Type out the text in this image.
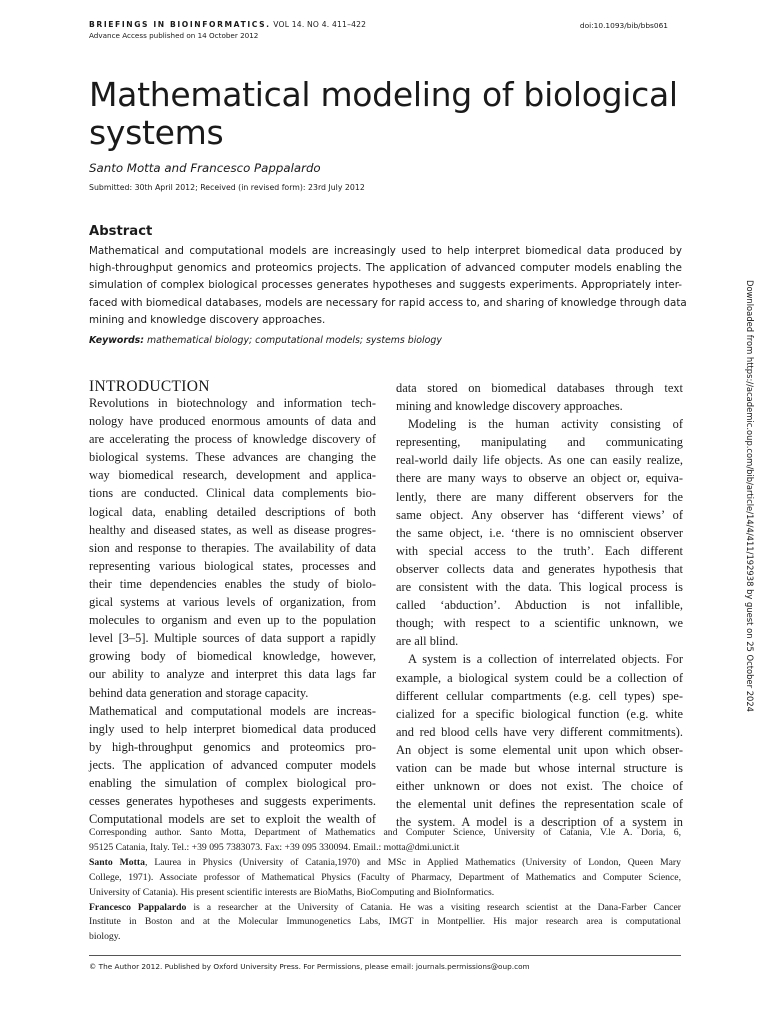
BRIEFINGS IN BIOINFORMATICS. VOL 14. NO 4. 411–422
Advance Access published on 14 October 2012
doi:10.1093/bib/bbs061
Mathematical modeling of biological systems
Santo Motta and Francesco Pappalardo
Submitted: 30th April 2012; Received (in revised form): 23rd July 2012
Abstract
Mathematical and computational models are increasingly used to help interpret biomedical data produced by
high-throughput genomics and proteomics projects. The application of advanced computer models enabling the
simulation of complex biological processes generates hypotheses and suggests experiments. Appropriately inter-
faced with biomedical databases, models are necessary for rapid access to, and sharing of knowledge through data
mining and knowledge discovery approaches.
Keywords: mathematical biology; computational models; systems biology
INTRODUCTION
Revolutions in biotechnology and information tech-
nology have produced enormous amounts of data and
are accelerating the process of knowledge discovery of
biological systems. These advances are changing the
way biomedical research, development and applica-
tions are conducted. Clinical data complements bio-
logical data, enabling detailed descriptions of both
healthy and diseased states, as well as disease progres-
sion and response to therapies. The availability of data
representing various biological states, processes and
their time dependencies enables the study of biolo-
gical systems at various levels of organization, from
molecules to organism and even up to the population
level [3–5]. Multiple sources of data support a rapidly
growing body of biomedical knowledge, however,
our ability to analyze and interpret this data lags far
behind data generation and storage capacity.
Mathematical and computational models are increas-
ingly used to help interpret biomedical data produced
by high-throughput genomics and proteomics pro-
jects. The application of advanced computer models
enabling the simulation of complex biological pro-
cesses generates hypotheses and suggests experiments.
Computational models are set to exploit the wealth of
data stored on biomedical databases through text
mining and knowledge discovery approaches.
Modeling is the human activity consisting of
representing, manipulating and communicating
real-world daily life objects. As one can easily realize,
there are many ways to observe an object or, equiva-
lently, there are many different observers for the
same object. Any observer has ‘different views’ of
the same object, i.e. ‘there is no omniscient observer
with special access to the truth’. Each different
observer collects data and generates hypothesis that
are consistent with the data. This logical process is
called ‘abduction’. Abduction is not infallible,
though; with respect to a scientific unknown, we
are all blind.
A system is a collection of interrelated objects. For
example, a biological system could be a collection of
different cellular compartments (e.g. cell types) spe-
cialized for a specific biological function (e.g. white
and red blood cells have very different commitments).
An object is some elemental unit upon which obser-
vation can be made but whose internal structure is
either unknown or does not exist. The choice of
the elemental unit defines the representation scale of
the system. A model is a description of a system in
Corresponding author. Santo Motta, Department of Mathematics and Computer Science, University of Catania, V.le A. Doria, 6,
95125 Catania, Italy. Tel.: +39 095 7383073. Fax: +39 095 330094. Email.: motta@dmi.unict.it
Santo Motta, Laurea in Physics (University of Catania,1970) and MSc in Applied Mathematics (University of London, Queen Mary
College, 1971). Associate professor of Mathematical Physics (Faculty of Pharmacy, Department of Mathematics and Computer Science,
University of Catania). His present scientific interests are BioMaths, BioComputing and BioInformatics.
Francesco Pappalardo is a researcher at the University of Catania. He was a visiting research scientist at the Dana-Farber Cancer
Institute in Boston and at the Molecular Immunogenetics Labs, IMGT in Montpellier. His major research area is computational
biology.
© The Author 2012. Published by Oxford University Press. For Permissions, please email: journals.permissions@oup.com
Downloaded from https://academic.oup.com/bib/article/14/4/411/192938 by guest on 25 October 2024
